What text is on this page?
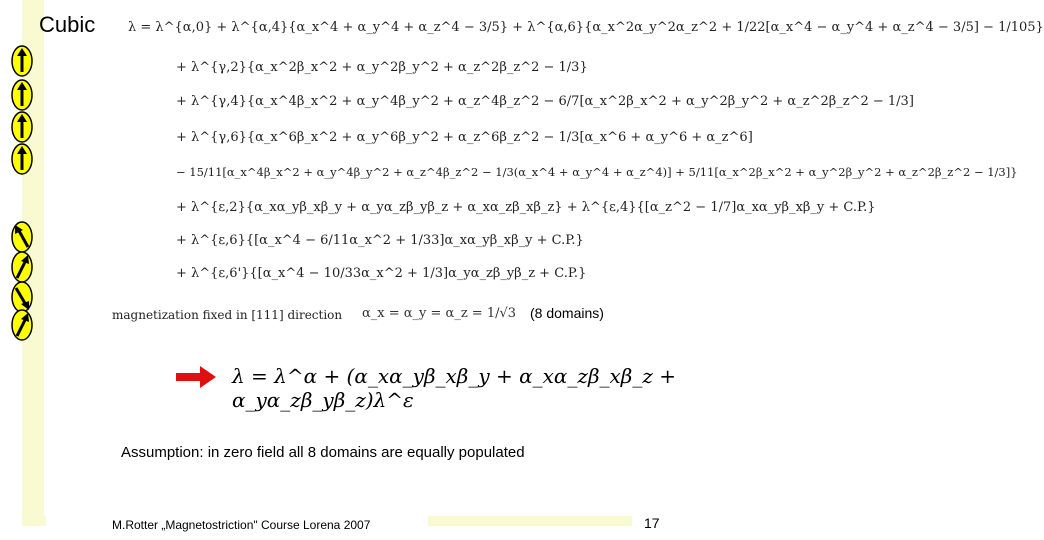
Cubic	λ = λ^{α,0} + λ^{α,4}{α_x^4 + α_y^4 + α_z^4 − 3/5} + λ^{α,6}{α_x^2α_y^2α_z^2 + 1/22[α_x^4 − α_y^4 + α_z^4 − 3/5] − 1/105}
+ λ^{γ,2}{α_x^2β_x^2 + α_y^2β_y^2 + α_z^2β_z^2 − 1/3}
+ λ^{γ,4}{α_x^4β_x^2 + α_y^4β_y^2 + α_z^4β_z^2 − 6/7[α_x^2β_x^2 + α_y^2β_y^2 + α_z^2β_z^2 − 1/3]
+ λ^{γ,6}{α_x^6β_x^2 + α_y^6β_y^2 + α_z^6β_z^2 − 1/3[α_x^6 + α_y^6 + α_z^6]
− 15/11[α_x^4β_x^2 + α_y^4β_y^2 + α_z^4β_z^2 − 1/3(α_x^4 + α_y^4 + α_z^4)] + 5/11[α_x^2β_x^2 + α_y^2β_y^2 + α_z^2β_z^2 − 1/3]}
+ λ^{ε,2}{α_xα_yβ_xβ_y + α_yα_zβ_yβ_z + α_xα_zβ_xβ_z} + λ^{ε,4}{[α_z^2 − 1/7]α_xα_yβ_xβ_y + C.P.}
+ λ^{ε,6}{[α_x^4 − 6/11α_x^2 + 1/33]α_xα_yβ_xβ_y + C.P.}
+ λ^{ε,6'}{[α_x^4 − 10/33α_x^2 + 1/3]α_yα_zβ_yβ_z + C.P.}
magnetization fixed in [111] direction α_x = α_y = α_z = 1/√3 (8 domains)
λ = λ^α + (α_xα_yβ_xβ_y + α_xα_zβ_xβ_z + α_yα_zβ_yβ_z)λ^ε
Assumption: in zero field all 8 domains are equally populated
M.Rotter „Magnetostriction" Course Lorena 2007	17
